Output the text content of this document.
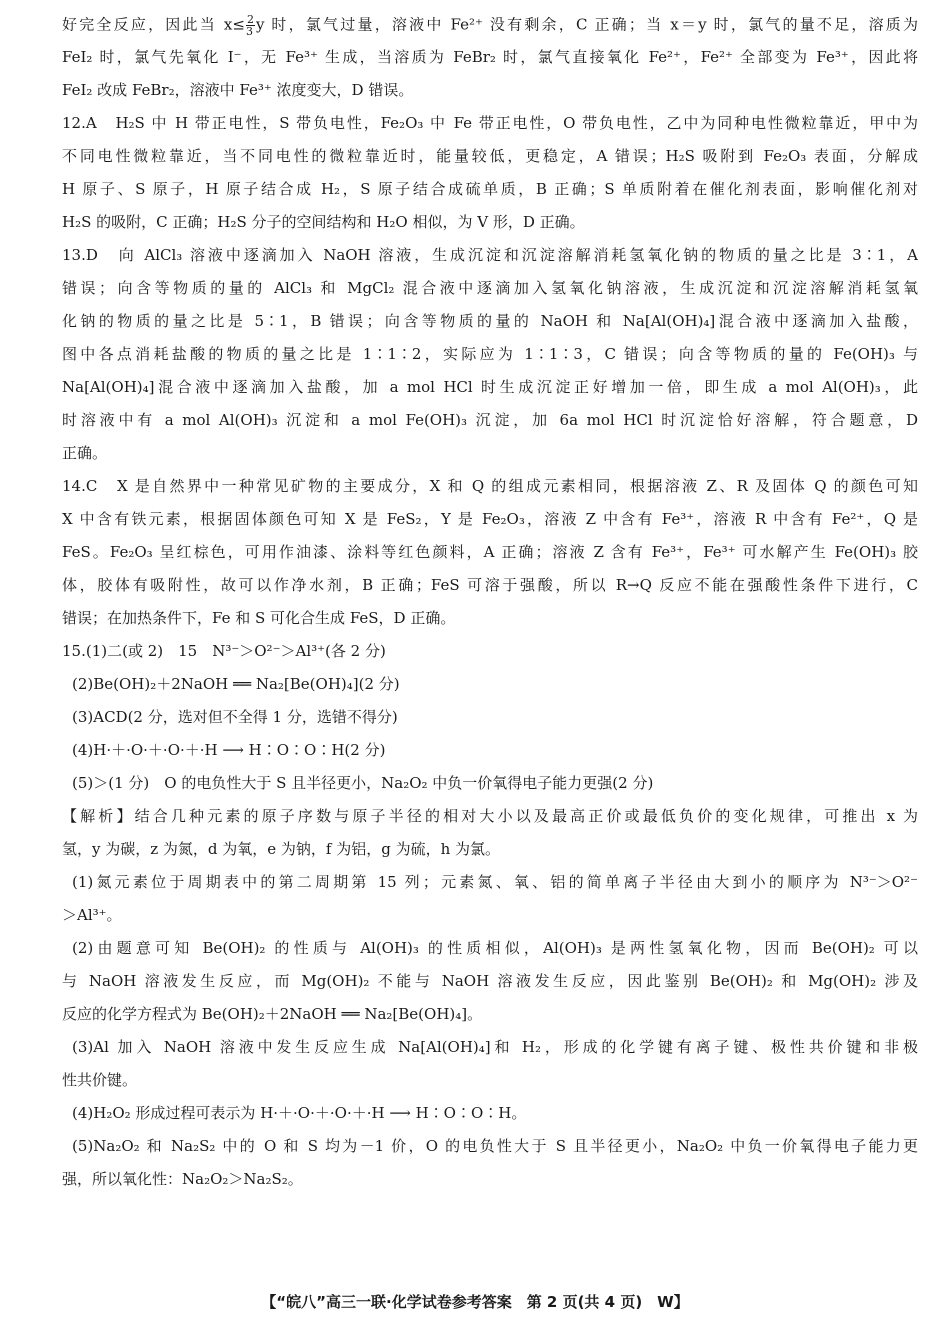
好完全反应，因此当 $x\le \frac{2}{3}$ y 时，氯气过量，溶液中 Fe²⁺ 没有剩余，C 正确；当 x＝y 时，氯气的量不足，溶质为
FeI₂ 时，氯气先氧化 I⁻，无 Fe³⁺ 生成，当溶质为 FeBr₂ 时，氯气直接氧化 Fe²⁺，Fe²⁺ 全部变为 Fe³⁺，因此将
FeI₂ 改成 FeBr₂，溶液中 Fe³⁺ 浓度变大，D 错误。
12.A　H₂S 中 H 带正电性，S 带负电性，Fe₂O₃ 中 Fe 带正电性，O 带负电性，乙中为同种电性微粒靠近，甲中为
不同电性微粒靠近，当不同电性的微粒靠近时，能量较低，更稳定，A 错误；H₂S 吸附到 Fe₂O₃ 表面，分解成
H 原子、S 原子，H 原子结合成 H₂，S 原子结合成硫单质，B 正确；S 单质附着在催化剂表面，影响催化剂对
H₂S 的吸附，C 正确；H₂S 分子的空间结构和 H₂O 相似，为 V 形，D 正确。
13.D　向 AlCl₃ 溶液中逐滴加入 NaOH 溶液，生成沉淀和沉淀溶解消耗氢氧化钠的物质的量之比是 3∶1，A
错误；向含等物质的量的 AlCl₃ 和 MgCl₂ 混合液中逐滴加入氢氧化钠溶液，生成沉淀和沉淀溶解消耗氢氧
化钠的物质的量之比是 5∶1，B 错误；向含等物质的量的 NaOH 和 Na[Al(OH)₄]混合液中逐滴加入盐酸，
图中各点消耗盐酸的物质的量之比是 1∶1∶2，实际应为 1∶1∶3，C 错误；向含等物质的量的 Fe(OH)₃ 与
Na[Al(OH)₄]混合液中逐滴加入盐酸，加 a mol HCl 时生成沉淀正好增加一倍，即生成 a mol Al(OH)₃，此
时溶液中有 a mol Al(OH)₃ 沉淀和 a mol Fe(OH)₃ 沉淀，加 6a mol HCl 时沉淀恰好溶解，符合题意，D
正确。
14.C　X 是自然界中一种常见矿物的主要成分，X 和 Q 的组成元素相同，根据溶液 Z、R 及固体 Q 的颜色可知
X 中含有铁元素，根据固体颜色可知 X 是 FeS₂，Y 是 Fe₂O₃，溶液 Z 中含有 Fe³⁺，溶液 R 中含有 Fe²⁺，Q 是
FeS。Fe₂O₃ 呈红棕色，可用作油漆、涂料等红色颜料，A 正确；溶液 Z 含有 Fe³⁺，Fe³⁺ 可水解产生 Fe(OH)₃ 胶
体，胶体有吸附性，故可以作净水剂，B 正确；FeS 可溶于强酸，所以 R→Q 反应不能在强酸性条件下进行，C
错误；在加热条件下，Fe 和 S 可化合生成 FeS，D 正确。
15.(1)二(或 2)　15　N³⁻＞O²⁻＞Al³⁺(各 2 分)
(2)Be(OH)₂＋2NaOH ══ Na₂[Be(OH)₄](2 分)
(3)ACD(2 分，选对但不全得 1 分，选错不得分)
(4)H·＋·O·＋·O·＋·H ⟶ H∶O∶O∶H(2 分)
(5)＞(1 分)　O 的电负性大于 S 且半径更小，Na₂O₂ 中负一价氧得电子能力更强(2 分)
【解析】结合几种元素的原子序数与原子半径的相对大小以及最高正价或最低负价的变化规律，可推出 x 为
氢，y 为碳，z 为氮，d 为氧，e 为钠，f 为铝，g 为硫，h 为氯。
(1)氮元素位于周期表中的第二周期第 15 列；元素氮、氧、铝的简单离子半径由大到小的顺序为 N³⁻＞O²⁻
＞Al³⁺。
(2)由题意可知 Be(OH)₂ 的性质与 Al(OH)₃ 的性质相似，Al(OH)₃ 是两性氢氧化物，因而 Be(OH)₂ 可以
与 NaOH 溶液发生反应，而 Mg(OH)₂ 不能与 NaOH 溶液发生反应，因此鉴别 Be(OH)₂ 和 Mg(OH)₂ 涉及
反应的化学方程式为 Be(OH)₂＋2NaOH ══ Na₂[Be(OH)₄]。
(3)Al 加入 NaOH 溶液中发生反应生成 Na[Al(OH)₄]和 H₂，形成的化学键有离子键、极性共价键和非极
性共价键。
(4)H₂O₂ 形成过程可表示为 H·＋·O·＋·O·＋·H ⟶ H∶O∶O∶H。
(5)Na₂O₂ 和 Na₂S₂ 中的 O 和 S 均为－1 价，O 的电负性大于 S 且半径更小，Na₂O₂ 中负一价氧得电子能力更
强，所以氧化性：Na₂O₂＞Na₂S₂。
【“皖八”高三一联·化学试卷参考答案　第 2 页(共 4 页)　W】
